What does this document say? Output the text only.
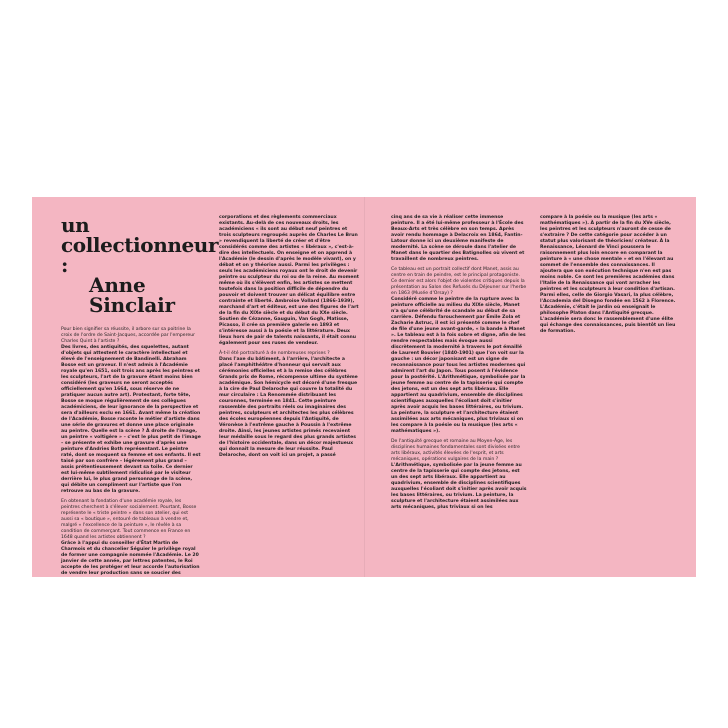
un collectionneur :
Anne Sinclair

Pour bien signifier sa réussite, il arbore sur sa poitrine la croix de l'ordre de Saint-Jacques, accordée par l'empereur Charles Quint à l'artiste ?

Des livres, des antiquités, des squelettes, autant d'objets qui attestent le caractère intellectuel et élevé de l'enseignement de Bandinelli. Abraham Bosse est un graveur. Il n'est admis à l'Académie royale qu'en 1651, soit trois ans après les peintres et les sculpteurs, l'art de la gravure étant moins bien considéré (les graveurs ne seront acceptés officiellement qu'en 1664, sous réserve de ne pratiquer aucun autre art). Protestant, forte tête, Bosse se moque régulièrement de ses collègues académiciens, de leur ignorance de la perspective et sera d'ailleurs exclu en 1661. Avant même la création de l'Académie, Bosse raconte le métier d'artiste dans une série de gravures et donne une place originale au peintre. Quelle est la scène ? À droite de l'image, un peintre « voltigère » – c'est le plus petit de l'image – se présente et exhibe une gravure d'après une peinture d'Andries Both représentant. Le peintre raté, dont se moquent sa femme et ses enfants. Il est taisé par son confrère – légèrement plus grand – assis prétentieusement devant sa toile. Ce dernier est lui-même subtilement ridiculisé par le visiteur derrière lui, le plus grand personnage de la scène, qui débite un compliment sur l'artiste que l'on retrouve au bas de la gravure.

En obtenant la fondation d'une académie royale, les peintres cherchent à s'élever socialement. Pourtant, Bosse représente le « triste peintre » dans son atelier, qui est aussi sa « boutique », entouré de tableaux à vendre et, malgré « l'excellence de la peinture », le révèle à sa condition de commerçant. Tout commence en France en 1648 quand les artistes obtiennent ?

Grâce à l'appui du conseiller d'État Martin de Charmois et du chancelier Séguier le privilège royal de former une compagnie nommée l'Académie. Le 20 janvier de cette année, par lettres patentes, le Roi accepte de les protéger et leur accorde l'autorisation de vendre leur production sans se soucier des

corporations et des règlements commerciaux existants. Au-delà de ces nouveaux droits, les académiciens « ils sont au début neuf peintres et trois sculpteurs regroupés auprès de Charles Le Brun » revendiquent la liberté de créer et d'être considérés comme des artistes « libéraux », c'est-à-dire des intellectuels. On enseigne et on apprend à l'Académie (le dessin d'après le modèle vivant), on y débat et on y théorise aussi. Parmi les privilèges : seuls les académiciens royaux ont le droit de devenir peintre ou sculpteur du roi ou de la reine. Au moment même où ils s'élèvent enfin, les artistes se mettent toutefois dans la position difficile de dépendre du pouvoir et doivent trouver un délicat équilibre entre contrainte et liberté. Ambroise Vollard (1866-1939), marchand d'art et éditeur, est une des figures de l'art de la fin du XIXe siècle et du début du XXe siècle. Soutien de Cézanne, Gauguin, Van Gogh, Matisse, Picasso, il crée sa première galerie en 1893 et s'intéresse aussi à la poésie et la littérature. Deux lieux hors de pair de talents naissants, il était connu également pour ses ruses de vendeur.

À-t-il été portraituré à de nombreuses reprises ?

Dans l'axe du bâtiment, à l'arrière, l'architecte a placé l'amphithéâtre d'honneur qui servait aux cérémonies officielles et à la remise des célèbres Grands prix de Rome, récompense ultime du système académique. Son hémicycle est décoré d'une fresque à la cire de Paul Delaroche qui couvre la totalité du mur circulaire : La Renommée distribuant les couronnes, terminée en 1841. Cette peinture rassemble des portraits réels ou imaginaires des peintres, sculpteurs et architectes les plus célèbres des écoles européennes depuis l'Antiquité, de Véronèse à l'extrême gauche à Poussin à l'extrême droite. Ainsi, les jeunes artistes primés recevaient leur médaille sous le regard des plus grands artistes de l'histoire occidentale, dans un décor majestueux qui donnait la mesure de leur réussite. Paul Delaroche, dont on voit ici un projet, a passé

cinq ans de sa vie à réaliser cette immense peinture. Il a été lui-même professeur à l'École des Beaux-Arts et très célèbre en son temps. Après avoir rendu hommage à Delacroix en 1864, Fantin-Latour donne ici un deuxième manifeste de modernité. La scène se déroule dans l'atelier de Manet dans le quartier des Batignolles où vivent et travaillent de nombreux peintres.

Ce tableau est un portrait collectif dont Manet, assis au centre en train de peindre, est le principal protagoniste. Ce dernier est alors l'objet de violentes critiques depuis la présentation au Salon des Refusés du Déjeuner sur l'herbe en 1863 (Musée d'Orsay) ?

Considéré comme le peintre de la rupture avec la peinture officielle au milieu du XIXe siècle, Manet n'a qu'une célébrité de scandale au début de sa carrière. Défendu farouchement par Émile Zola et Zacharie Astruc, il est ici présenté comme le chef de file d'une jeune avant-garde, « la bande à Manet ». Le tableau est à la fois sobre et digne, afin de les rendre respectables mais évoque aussi discrètement la modernité à travers le pot émaillé de Laurent Bouvier (1840-1901) que l'on voit sur la gauche : un décor japonisant est un signe de reconnaissance pour tous les artistes modernes qui admirent l'art du Japon. Tous posent à l'évidence pour la postérité. L'Arithmétique, symbolisée par la jeune femme au centre de la tapisserie qui compte des jetons, est un des sept arts libéraux. Elle appartient au quadrivium, ensemble de disciplines scientifiques auxquelles l'écoliant doit s'initier après avoir acquis les bases littéraires, ou trivium. La peinture, la sculpture et l'architecture étaient assimilées aux arts mécaniques, plus triviaux si on les compare à la poésie ou la musique (les arts « mathématiques »).

De l'antiquité grecque et romaine au Moyen-Âge, les disciplines humaines fondamentales sont divisées entre arts libéraux, activités élevées de l'esprit, et arts mécaniques, opérations vulgaires de la main ?

L'Arithmétique, symbolisée par la jeune femme au centre de la tapisserie qui compte des jetons, est un des sept arts libéraux. Elle appartient au quadrivium, ensemble de disciplines scientifiques auxquelles l'écoliant doit s'initier après avoir acquis les bases littéraires, ou trivium. La peinture, la sculpture et l'architecture étaient assimilées aux arts mécaniques, plus triviaux si on les

compare à la poésie ou la musique (les arts « mathématiques »). À partir de la fin du XVe siècle, les peintres et les sculpteurs n'auront de cesse de s'extraire ? De cette catégorie pour accéder à un statut plus valorisant de théoricien/ créateur. À la Renaissance, Léonard de Vinci poussera le raisonnement plus loin encore en comparant la peinture à « une chose mentale » et en l'élevant au sommet de l'ensemble des connaissances. Il ajoutera que son exécution technique n'en est pas moins noble. Ce sont les premières académies dans l'Italie de la Renaissance qui vont arracher les peintres et les sculpteurs à leur condition d'artisan. Parmi elles, celle de Giorgio Vasari, la plus célèbre, l'Accademia del Disegno fondée en 1562 à Florence. L'Académie, c'était le jardin où enseignait le philosophe Platon dans l'Antiquité grecque. L'académie sera donc le rassemblement d'une élite qui échange des connaissances, puis bientôt un lieu de formation.
